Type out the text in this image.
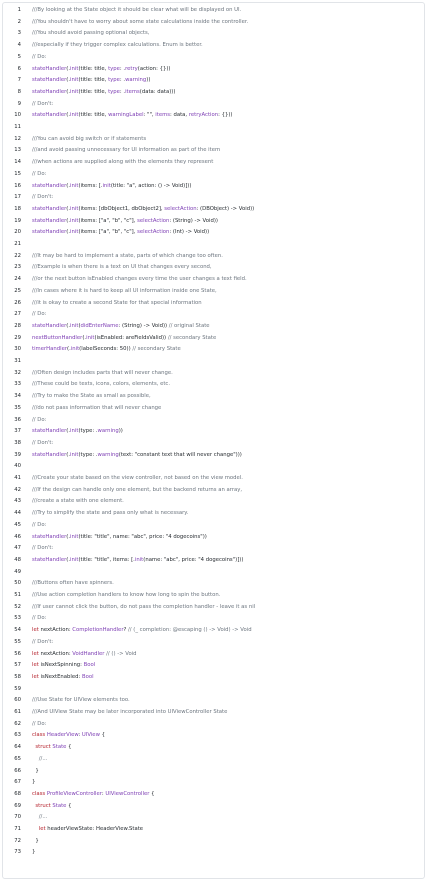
1 ///By looking at the State object it should be clear what will be displayed on UI.
2 ///You shouldn't have to worry about some state calculations inside the controller.
3 ///You should avoid passing optional objects,
4 ///especially if they trigger complex calculations. Enum is better.
5 // Do:
6 stateHandler(.init(title: title, type: .retry(action: {}))
7 stateHandler(.init(title: title, type: .warning))
8 stateHandler(.init(title: title, type: .items(data: data)))
9 // Don't:
10 stateHandler(.init(title: title, warningLabel: "", items: data, retryAction: {}))
11
12 ///You can avoid big switch or if statements
13 ///and avoid passing unnecessary for UI information as part of the item
14 ///when actions are supplied along with the elements they represent
15 // Do:
16 stateHandler(.init(items: [.init(title: "a", action: () -> Void)]))
17 // Don't:
18 stateHandler(.init(items: [dbObject1, dbObject2], selectAction: (DBObject) -> Void))
19 stateHandler(.init(items: ["a", "b", "c"], selectAction: (String) -> Void))
20 stateHandler(.init(items: ["a", "b", "c"], selectAction: (Int) -> Void))
21
22 ///It may be hard to implement a state, parts of which change too often.
23 ///Example is when there is a text on UI that changes every second,
24 ///or the next button isEnabled changes every time the user changes a text field.
25 ///In cases where it is hard to keep all UI information inside one State,
26 ///it is okay to create a second State for that special information
27 // Do:
28 stateHandler(.init(didEnterName: (String) -> Void)) // original State
29 nextButtonHandler(.init(isEnabled: areFieldsValid)) // secondary State
30 timerHandler(.init(labelSeconds: 50)) // secondary State
31
32 ///Often design includes parts that will never change.
33 ///These could be texts, icons, colors, elements, etc.
34 ///Try to make the State as small as possible,
35 ///do not pass information that will never change
36 // Do:
37 stateHandler(.init(type: .warning))
38 // Don't:
39 stateHandler(.init(type: .warning(text: "constant text that will never change")))
40
41 ///Create your state based on the view controller, not based on the view model.
42 ///If the design can handle only one element, but the backend returns an array,
43 ///create a state with one element.
44 ///Try to simplify the state and pass only what is necessary.
45 // Do:
46 stateHandler(.init(title: "title", name: "abc", price: "4 dogecoins"))
47 // Don't:
48 stateHandler(.init(title: "title", items: [.init(name: "abc", price: "4 dogecoins")]))
49
50 ///Buttons often have spinners.
51 ///Use action completion handlers to know how long to spin the button.
52 ///If user cannot click the button, do not pass the completion handler - leave it as nil
53 // Do:
54 let nextAction: CompletionHandler? // (_ completion: @escaping () -> Void) -> Void
55 // Don't:
56 let nextAction: VoidHandler // () -> Void
57 let isNextSpinning: Bool
58 let isNextEnabled: Bool
59
60 ///Use State for UIView elements too.
61 ///And UIView State may be later incorporated into UIViewController State
62 // Do:
63 class HeaderView: UIView {
64	struct State {
65	//...
66 }
67 }
68 class ProfileViewController: UIViewController {
69	struct State {
70	//...
71	let headerViewState: HeaderView.State
72 }
73 }
